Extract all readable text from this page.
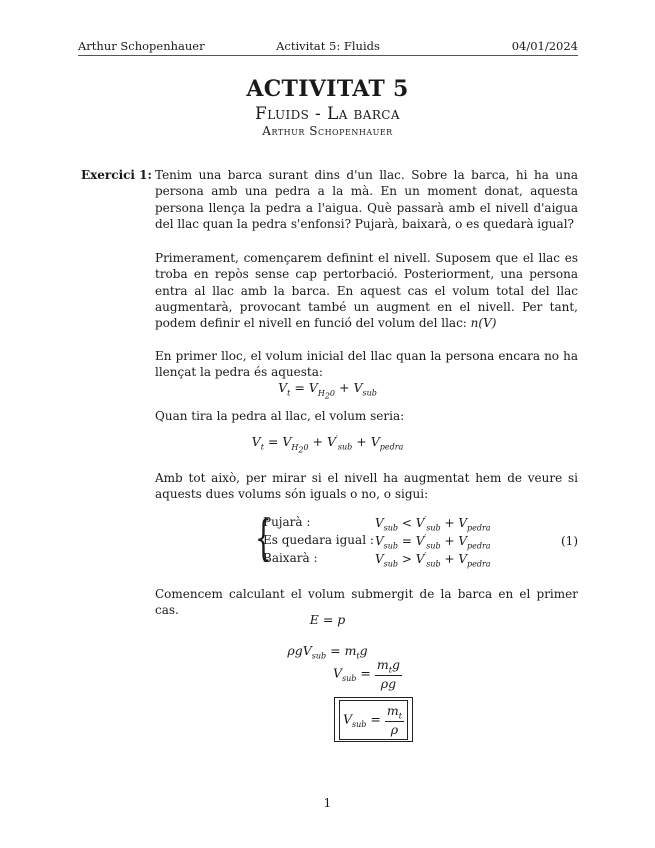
Arthur Schopenhauer	Activitat 5: Fluids	04/01/2024
ACTIVITAT 5
Fluids - La barca
Arthur Schopenhauer
Exercici 1: Tenim una barca surant dins d'un llac. Sobre la barca, hi ha una persona amb una pedra a la mà. En un moment donat, aquesta persona llença la pedra a l'aigua. Què passarà amb el nivell d'aigua del llac quan la pedra s'enfonsi? Pujarà, baixarà, o es quedarà igual?
Primerament, començarem definint el nivell. Suposem que el llac es troba en repòs sense cap pertorbació. Posteriorment, una persona entra al llac amb la barca. En aquest cas el volum total del llac augmentarà, provocant també un augment en el nivell. Per tant, podem definir el nivell en funció del volum del llac: n(V)
En primer lloc, el volum inicial del llac quan la persona encara no ha llençat la pedra és aquesta:
$V_t = V_{H_20} + V_{sub}$
Quan tira la pedra al llac, el volum seria:
$V_t = V_{H_20} + V'_{sub} + V_{pedra}$
Amb tot això, per mirar si el nivell ha augmentat hem de veure si aquests dues volums són iguals o no, o sigui:
{
Pujarà :	$V_{sub} < V'_{sub} + V_{pedra}$
Es quedara igual : $V_{sub} = V'_{sub} + V_{pedra}$
Baixarà :	$V_{sub} > V'_{sub} + V_{pedra}$
(1)
Comencem calculant el volum submergit de la barca en el primer cas.
E = p
$\rho gV_{sub} = m_tg$
$V_{sub} = \frac{m_tg}{\rho g}$
$V_{sub} = \frac{m_t}{\rho}$
1
